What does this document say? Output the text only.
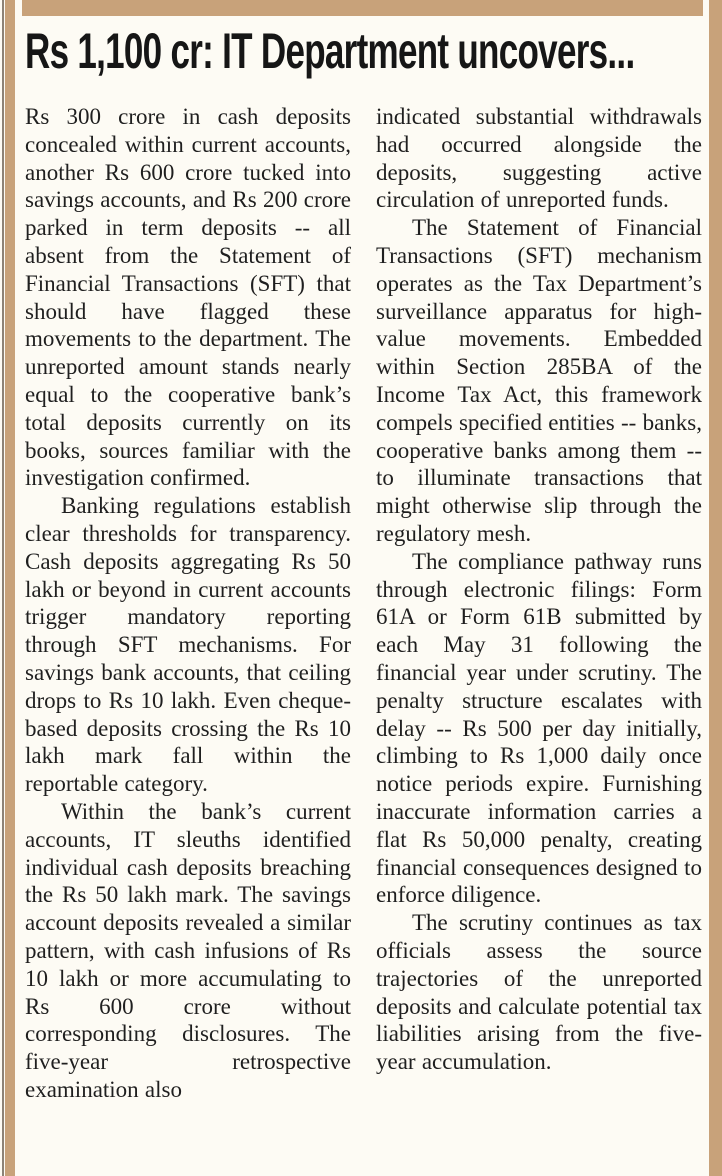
Rs 1,100 cr: IT Department uncovers...

Rs 300 crore in cash deposits concealed within current accounts, another Rs 600 crore tucked into savings accounts, and Rs 200 crore parked in term deposits -- all absent from the Statement of Financial Transactions (SFT) that should have flagged these movements to the department. The unreported amount stands nearly equal to the cooperative bank’s total deposits currently on its books, sources familiar with the investigation confirmed.

Banking regulations establish clear thresholds for transparency. Cash deposits aggregating Rs 50 lakh or beyond in current accounts trigger mandatory reporting through SFT mechanisms. For savings bank accounts, that ceiling drops to Rs 10 lakh. Even cheque-based deposits crossing the Rs 10 lakh mark fall within the reportable category.

Within the bank’s current accounts, IT sleuths identified individual cash deposits breaching the Rs 50 lakh mark. The savings account deposits revealed a similar pattern, with cash infusions of Rs 10 lakh or more accumulating to Rs 600 crore without corresponding disclosures. The five-year retrospective examination also

indicated substantial withdrawals had occurred alongside the deposits, suggesting active circulation of unreported funds.

The Statement of Financial Transactions (SFT) mechanism operates as the Tax Department’s surveillance apparatus for high-value movements. Embedded within Section 285BA of the Income Tax Act, this framework compels specified entities -- banks, cooperative banks among them -- to illuminate transactions that might otherwise slip through the regulatory mesh.

The compliance pathway runs through electronic filings: Form 61A or Form 61B submitted by each May 31 following the financial year under scrutiny. The penalty structure escalates with delay -- Rs 500 per day initially, climbing to Rs 1,000 daily once notice periods expire. Furnishing inaccurate information carries a flat Rs 50,000 penalty, creating financial consequences designed to enforce diligence.

The scrutiny continues as tax officials assess the source trajectories of the unreported deposits and calculate potential tax liabilities arising from the five-year accumulation.
